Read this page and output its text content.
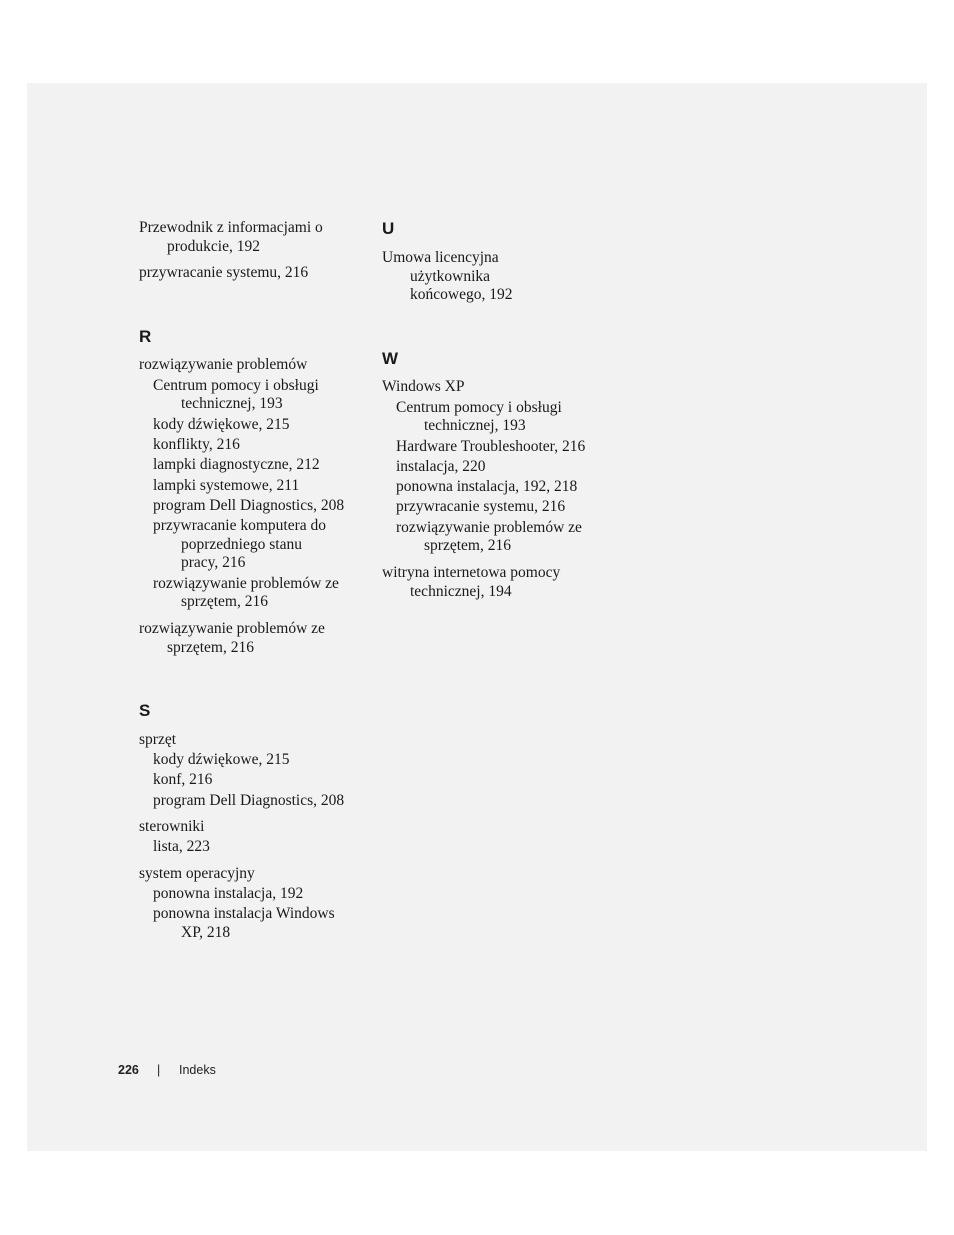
Przewodnik z informacjami o
produkcie, 192
przywracanie systemu, 216
R
rozwiązywanie problemów
Centrum pomocy i obsługi
technicznej, 193
kody dźwiękowe, 215
konflikty, 216
lampki diagnostyczne, 212
lampki systemowe, 211
program Dell Diagnostics, 208
przywracanie komputera do
poprzedniego stanu
pracy, 216
rozwiązywanie problemów ze
sprzętem, 216
rozwiązywanie problemów ze
sprzętem, 216
S
sprzęt
kody dźwiękowe, 215
konf, 216
program Dell Diagnostics, 208
sterowniki
lista, 223
system operacyjny
ponowna instalacja, 192
ponowna instalacja Windows
XP, 218
U
Umowa licencyjna
użytkownika
końcowego, 192
W
Windows XP
Centrum pomocy i obsługi
technicznej, 193
Hardware Troubleshooter, 216
instalacja, 220
ponowna instalacja, 192, 218
przywracanie systemu, 216
rozwiązywanie problemów ze
sprzętem, 216
witryna internetowa pomocy
technicznej, 194
226 | Indeks
